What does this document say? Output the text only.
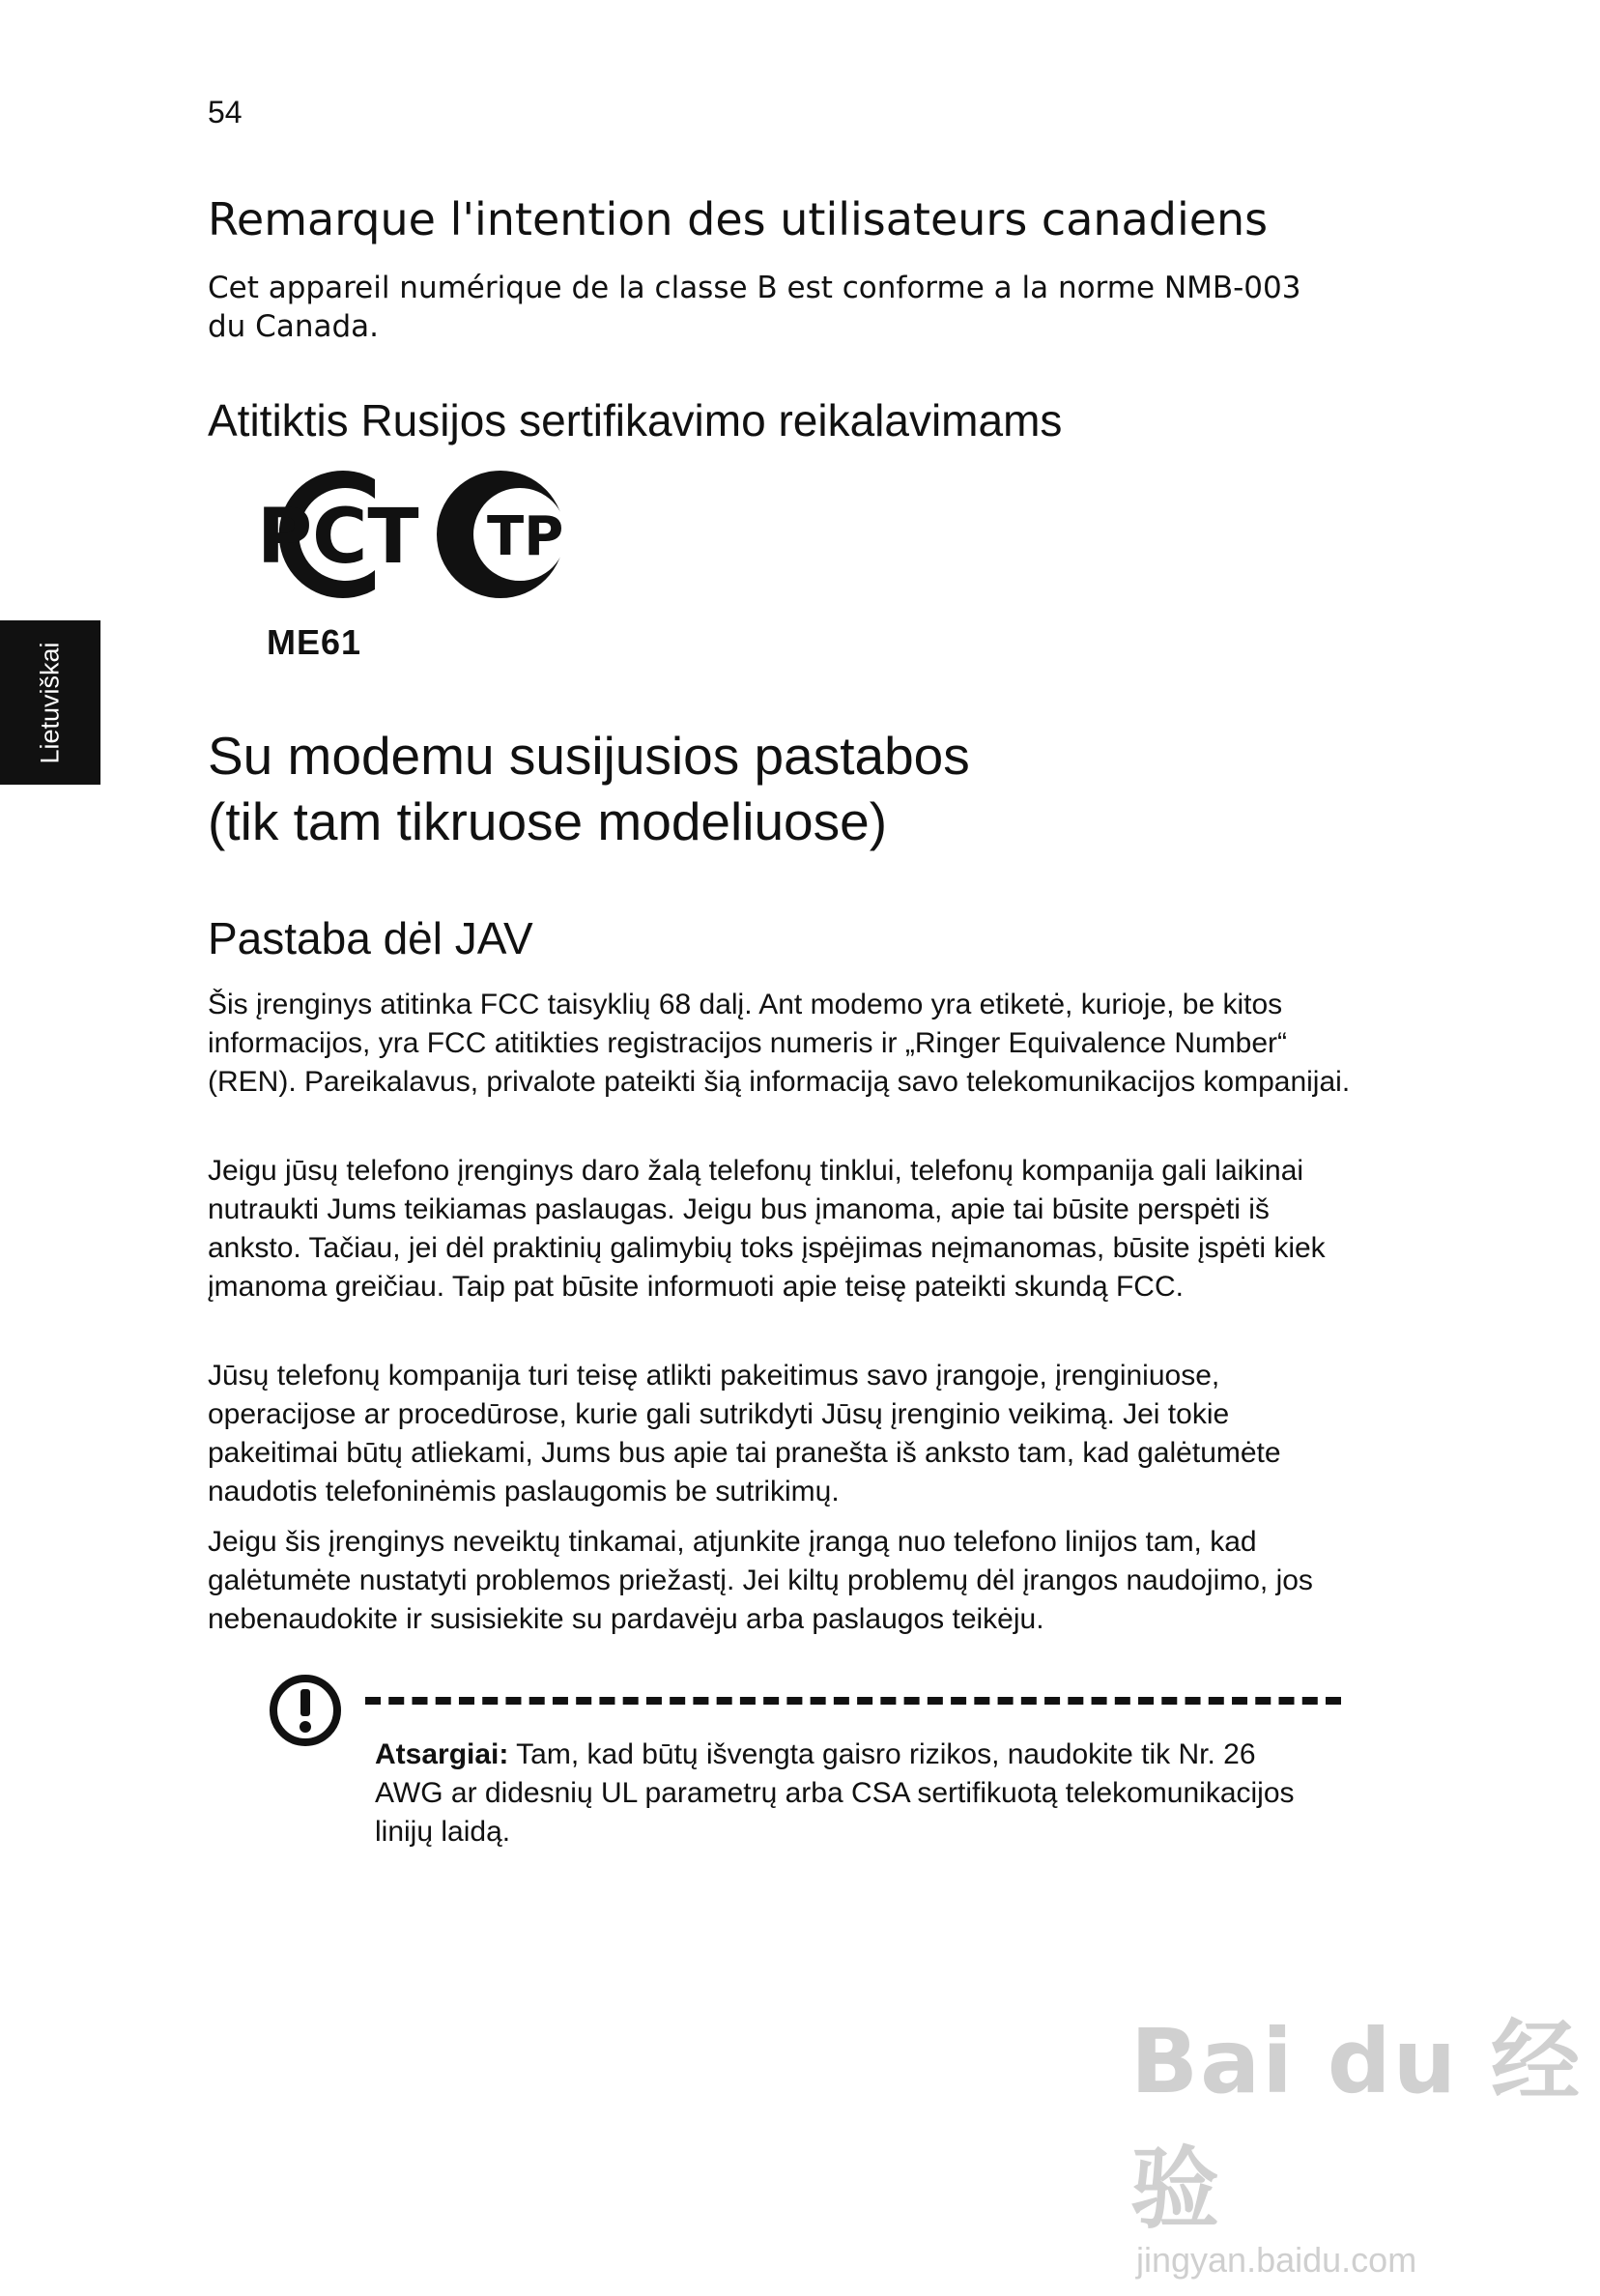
54
Lietuviškai
Remarque l'intention des utilisateurs canadiens
Cet appareil numérique de la classe B est conforme a la norme NMB-003 du Canada.
Atitiktis Rusijos sertifikavimo reikalavimams
PCT TP
ME61
Su modemu susijusios pastabos
(tik tam tikruose modeliuose)
Pastaba dėl JAV
Šis įrenginys atitinka FCC taisyklių 68 dalį. Ant modemo yra etiketė, kurioje, be kitos informacijos, yra FCC atitikties registracijos numeris ir „Ringer Equivalence Number“ (REN). Pareikalavus, privalote pateikti šią informaciją savo telekomunikacijos kompanijai.
Jeigu jūsų telefono įrenginys daro žalą telefonų tinklui, telefonų kompanija gali laikinai nutraukti Jums teikiamas paslaugas. Jeigu bus įmanoma, apie tai būsite perspėti iš anksto. Tačiau, jei dėl praktinių galimybių toks įspėjimas neįmanomas, būsite įspėti kiek įmanoma greičiau. Taip pat būsite informuoti apie teisę pateikti skundą FCC.
Jūsų telefonų kompanija turi teisę atlikti pakeitimus savo įrangoje, įrenginiuose, operacijose ar procedūrose, kurie gali sutrikdyti Jūsų įrenginio veikimą. Jei tokie pakeitimai būtų atliekami, Jums bus apie tai pranešta iš anksto tam, kad galėtumėte naudotis telefoninėmis paslaugomis be sutrikimų.
Jeigu šis įrenginys neveiktų tinkamai, atjunkite įrangą nuo telefono linijos tam, kad galėtumėte nustatyti problemos priežastį. Jei kiltų problemų dėl įrangos naudojimo, jos nebenaudokite ir susisiekite su pardavėju arba paslaugos teikėju.
Atsargiai: Tam, kad būtų išvengta gaisro rizikos, naudokite tik Nr. 26 AWG ar didesnių UL parametrų arba CSA sertifikuotą telekomunikacijos linijų laidą.
Bai du 经验
jingyan.baidu.com
